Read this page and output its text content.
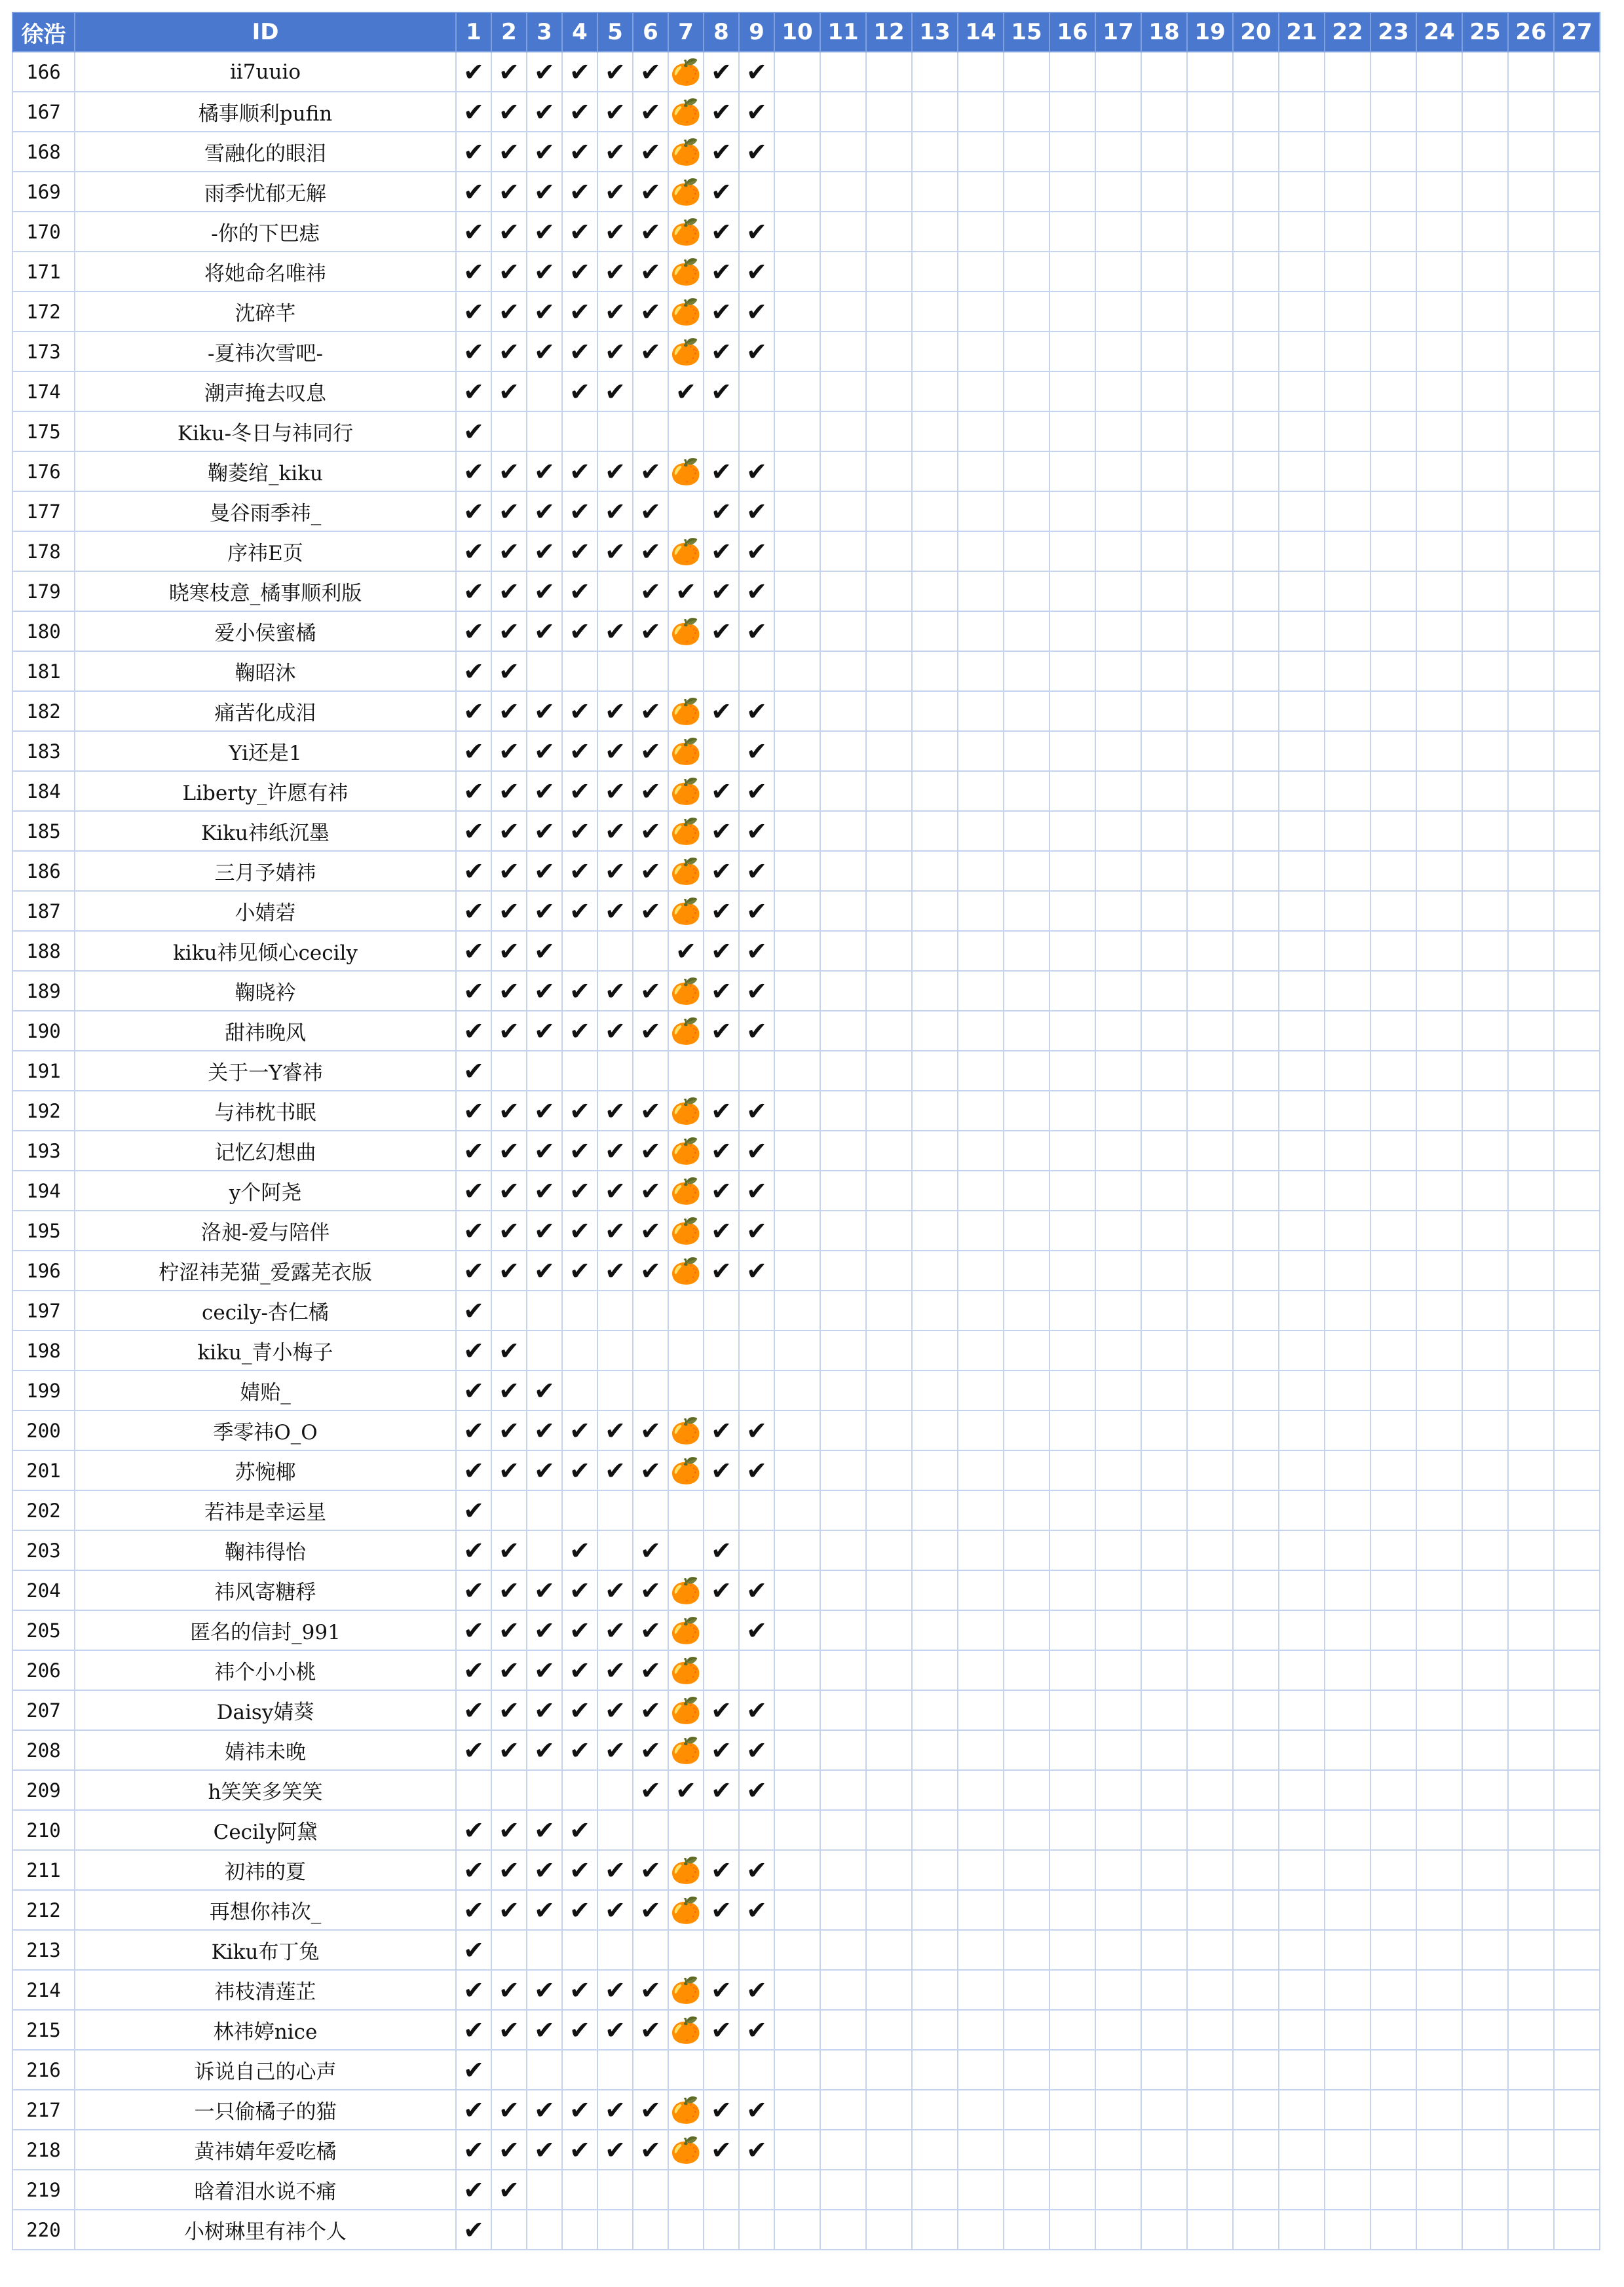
徐浩	ID	1	2	3	4	5	6	7	8	9	10	11	12	13	14	15	16	17	18	19	20	21	22	23	24	25	26	27
166	ii7uuio	✔	✔	✔	✔	✔	✔	🍊	✔	✔																		
167	橘事顺利pufin	✔	✔	✔	✔	✔	✔	🍊	✔	✔																		
168	雪融化的眼泪	✔	✔	✔	✔	✔	✔	🍊	✔	✔																		
169	雨季忧郁无解	✔	✔	✔	✔	✔	✔	🍊	✔																			
170	-你的下巴痣	✔	✔	✔	✔	✔	✔	🍊	✔	✔																		
171	将她命名唯祎	✔	✔	✔	✔	✔	✔	🍊	✔	✔																		
172	沈碎芊	✔	✔	✔	✔	✔	✔	🍊	✔	✔																		
173	-夏祎次雪吧-	✔	✔	✔	✔	✔	✔	🍊	✔	✔																		
174	潮声掩去叹息	✔	✔		✔	✔		✔	✔																			
175	Kiku-冬日与祎同行	✔																										
176	鞠菱绾_kiku	✔	✔	✔	✔	✔	✔	🍊	✔	✔																		
177	曼谷雨季祎_	✔	✔	✔	✔	✔	✔		✔	✔																		
178	序祎E页	✔	✔	✔	✔	✔	✔	🍊	✔	✔																		
179	晓寒枝意_橘事顺利版	✔	✔	✔	✔		✔	✔	✔	✔																		
180	爱小侯蜜橘	✔	✔	✔	✔	✔	✔	🍊	✔	✔																		
181	鞠昭沐	✔	✔																									
182	痛苦化成泪	✔	✔	✔	✔	✔	✔	🍊	✔	✔																		
183	Yi还是1	✔	✔	✔	✔	✔	✔	🍊		✔																		
184	Liberty_许愿有祎	✔	✔	✔	✔	✔	✔	🍊	✔	✔																		
185	Kiku祎纸沉墨	✔	✔	✔	✔	✔	✔	🍊	✔	✔																		
186	三月予婧祎	✔	✔	✔	✔	✔	✔	🍊	✔	✔																		
187	小婧菪	✔	✔	✔	✔	✔	✔	🍊	✔	✔																		
188	kiku祎见倾心cecily	✔	✔	✔				✔	✔	✔																		
189	鞠晓衿	✔	✔	✔	✔	✔	✔	🍊	✔	✔																		
190	甜祎晚风	✔	✔	✔	✔	✔	✔	🍊	✔	✔																		
191	关于一Y睿祎	✔																										
192	与祎枕书眠	✔	✔	✔	✔	✔	✔	🍊	✔	✔																		
193	记忆幻想曲	✔	✔	✔	✔	✔	✔	🍊	✔	✔																		
194	y个阿尧	✔	✔	✔	✔	✔	✔	🍊	✔	✔																		
195	洛昶-爱与陪伴	✔	✔	✔	✔	✔	✔	🍊	✔	✔																		
196	柠涩祎芜猫_爱露芜衣版	✔	✔	✔	✔	✔	✔	🍊	✔	✔																		
197	cecily-杏仁橘	✔																										
198	kiku_青小梅子	✔	✔																									
199	婧贻_	✔	✔	✔																								
200	季零祎O_O	✔	✔	✔	✔	✔	✔	🍊	✔	✔																		
201	苏惋椰	✔	✔	✔	✔	✔	✔	🍊	✔	✔																		
202	若祎是幸运星	✔																										
203	鞠祎得怡	✔	✔		✔		✔		✔																			
204	祎风寄糖稃	✔	✔	✔	✔	✔	✔	🍊	✔	✔																		
205	匿名的信封_991	✔	✔	✔	✔	✔	✔	🍊		✔																		
206	祎个小小桃	✔	✔	✔	✔	✔	✔	🍊																				
207	Daisy婧葵	✔	✔	✔	✔	✔	✔	🍊	✔	✔																		
208	婧祎未晚	✔	✔	✔	✔	✔	✔	🍊	✔	✔																		
209	h笑笑多笑笑						✔	✔	✔	✔																		
210	Cecily阿黛	✔	✔	✔	✔																							
211	初祎的夏	✔	✔	✔	✔	✔	✔	🍊	✔	✔																		
212	再想你祎次_	✔	✔	✔	✔	✔	✔	🍊	✔	✔																		
213	Kiku布丁兔	✔																										
214	祎枝清莲芷	✔	✔	✔	✔	✔	✔	🍊	✔	✔																		
215	林祎婷nice	✔	✔	✔	✔	✔	✔	🍊	✔	✔																		
216	诉说自己的心声	✔																										
217	一只偷橘子的猫	✔	✔	✔	✔	✔	✔	🍊	✔	✔																		
218	黄祎婧年爱吃橘	✔	✔	✔	✔	✔	✔	🍊	✔	✔																		
219	晗着泪水说不痛	✔	✔																									
220	小树琳里有祎个人	✔																										
